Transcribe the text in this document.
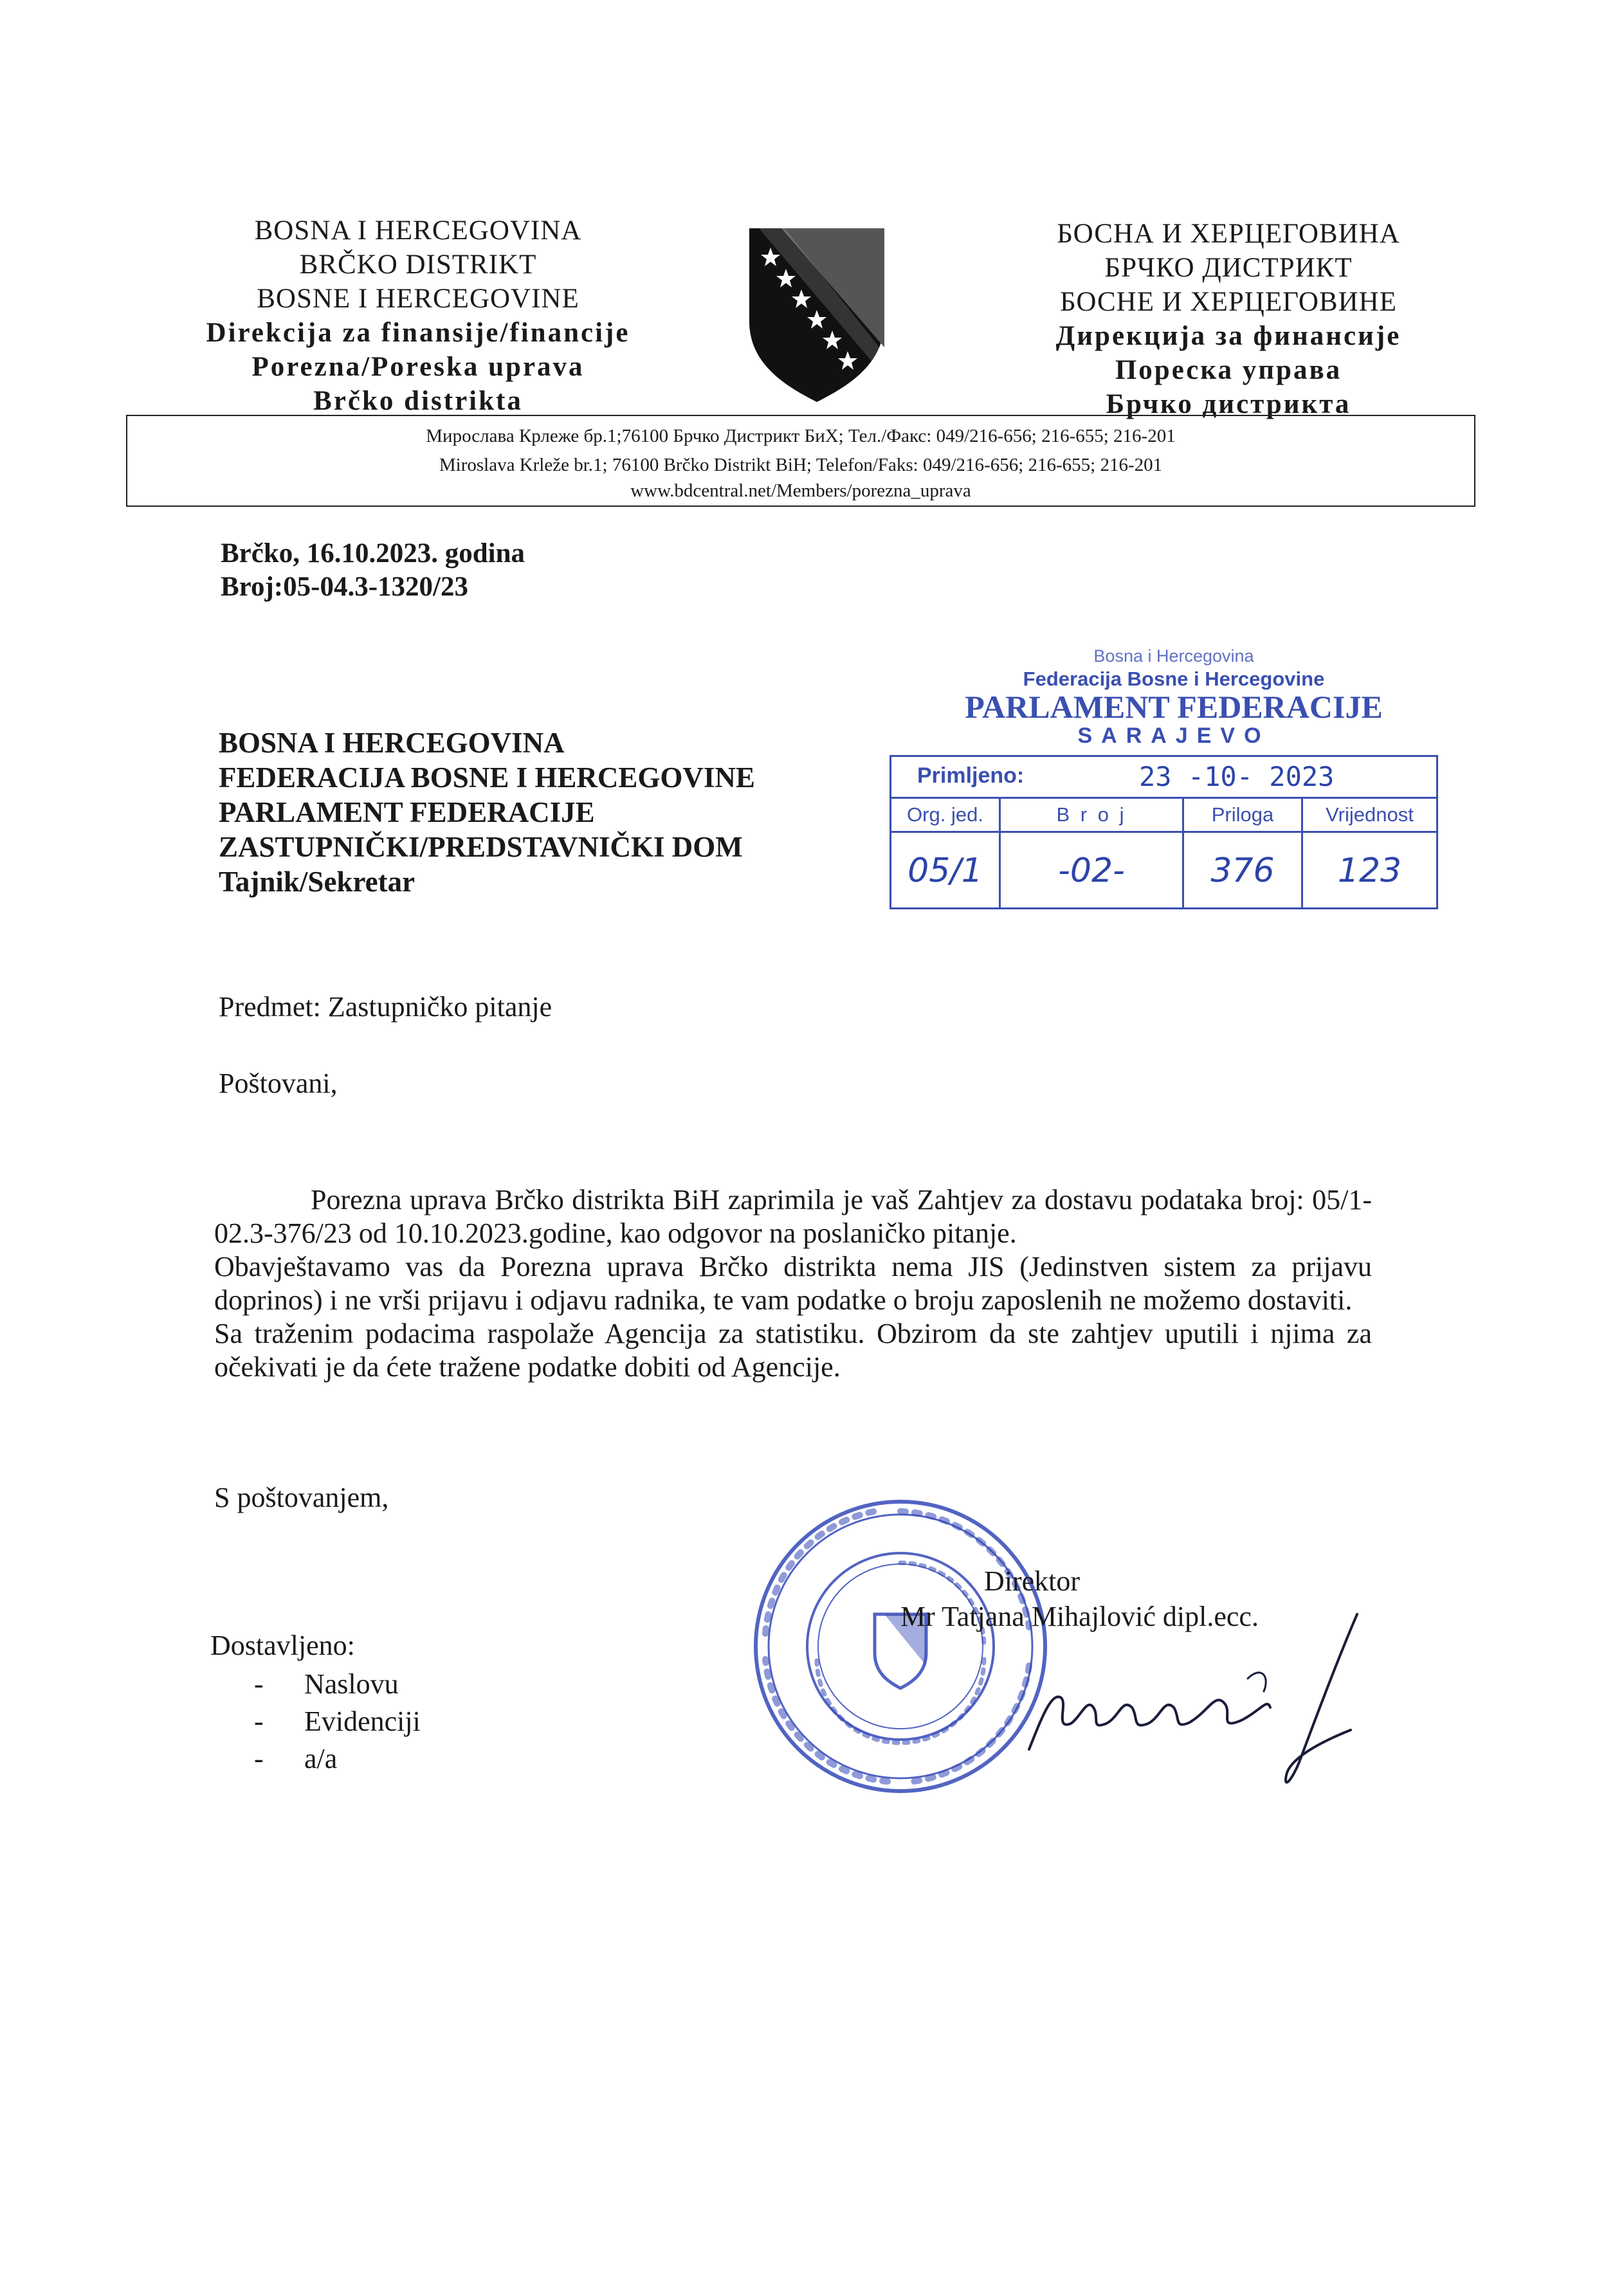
BOSNA I HERCEGOVINA
BRČKO DISTRIKT
BOSNE I HERCEGOVINE
Direkcija za finansije/financije
Porezna/Poreska uprava
Brčko distrikta
БОСНА И ХЕРЦЕГОВИНА
БРЧКО ДИСТРИКТ
БОСНЕ И ХЕРЦЕГОВИНЕ
Дирекција за финансије
Пореска управа
Брчко дистрикта
Мирослава Крлеже бр.1;76100 Брчко Дистрикт БиХ; Тел./Факс: 049/216-656; 216-655; 216-201
Miroslava Krleže br.1; 76100 Brčko Distrikt BiH; Telefon/Faks: 049/216-656; 216-655; 216-201
www.bdcentral.net/Members/porezna_uprava
Brčko, 16.10.2023. godina
Broj:05-04.3-1320/23
BOSNA I HERCEGOVINA
FEDERACIJA BOSNE I HERCEGOVINE
PARLAMENT FEDERACIJE
ZASTUPNIČKI/PREDSTAVNIČKI DOM
Tajnik/Sekretar
Bosna i Hercegovina
Federacija Bosne i Hercegovine
PARLAMENT FEDERACIJE
SARAJEVO
Primljeno:	23 -10- 2023
Org. jed.	B r o j	Priloga	Vrijednost
05/1	-02-	376	123
Predmet: Zastupničko pitanje
Poštovani,

Porezna uprava Brčko distrikta BiH zaprimila je vaš Zahtjev za dostavu podataka broj: 05/1-02.3-376/23 od 10.10.2023.godine, kao odgovor na poslaničko pitanje.

Obavještavamo vas da Porezna uprava Brčko distrikta nema JIS (Jedinstven sistem za prijavu doprinos) i ne vrši prijavu i odjavu radnika, te vam podatke o broju zaposlenih ne možemo dostaviti.

Sa traženim podacima raspolaže Agencija za statistiku. Obzirom da ste zahtjev uputili i njima za očekivati je da ćete tražene podatke dobiti od Agencije.

S poštovanjem,
Direktor
Mr Tatjana Mihajlović dipl.ecc.
Dostavljeno:
- Naslovu
- Evidenciji
- a/a
